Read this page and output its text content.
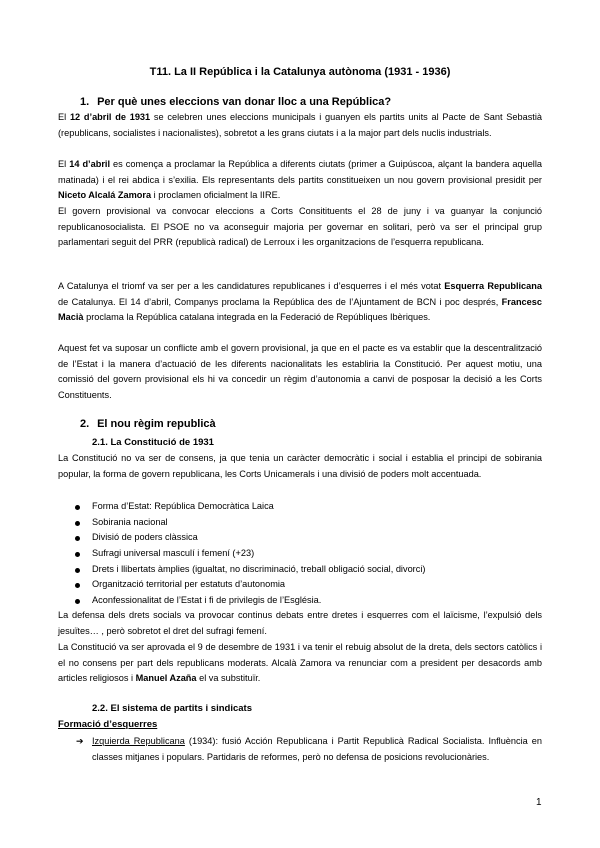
T11. La II República i la Catalunya autònoma (1931 - 1936)
1. Per què unes eleccions van donar lloc a una República?
El 12 d’abril de 1931 se celebren unes eleccions municipals i guanyen els partits units al Pacte de Sant Sebastià (republicans, socialistes i nacionalistes), sobretot a les grans ciutats i a la major part dels nuclis industrials.
El 14 d’abril es comença a proclamar la República a diferents ciutats (primer a Guipúscoa, alçant la bandera aquella matinada) i el rei abdica i s’exilia. Els representants dels partits constitueixen un nou govern provisional presidit per Niceto Alcalá Zamora i proclamen oficialment la IIRE.
El govern provisional va convocar eleccions a Corts Consitituents el 28 de juny i va guanyar la conjunció republicanosocialista. El PSOE no va aconseguir majoria per governar en solitari, però va ser el principal grup parlamentari seguit del PRR (republicà radical) de Lerroux i les organitzacions de l’esquerra republicana.
A Catalunya el triomf va ser per a les candidatures republicanes i d’esquerres i el més votat Esquerra Republicana de Catalunya. El 14 d’abril, Companys proclama la República des de l’Ajuntament de BCN i poc després, Francesc Macià proclama la República catalana integrada en la Federació de Repúbliques Ibèriques.
Aquest fet va suposar un conflicte amb el govern provisional, ja que en el pacte es va establir que la descentralització de l’Estat i la manera d’actuació de les diferents nacionalitats les establiria la Constitució. Per aquest motiu, una comissió del govern provisional els hi va concedir un règim d’autonomia a canvi de posposar la decisió a les Corts Constituents.
2. El nou règim republicà
2.1. La Constitució de 1931
La Constitució no va ser de consens, ja que tenia un caràcter democràtic i social i establia el principi de sobirania popular, la forma de govern republicana, les Corts Unicamerals i una divisió de poders molt accentuada.
Forma d’Estat: República Democràtica Laica
Sobirania nacional
Divisió de poders clàssica
Sufragi universal masculí i femení (+23)
Drets i llibertats àmplies (igualtat, no discriminació, treball obligació social, divorci)
Organització territorial per estatuts d’autonomia
Aconfessionalitat de l’Estat i fi de privilegis de l’Església.
La defensa dels drets socials va provocar continus debats entre dretes i esquerres com el laïcisme, l’expulsió dels jesuïtes… , però sobretot el dret del sufragi femení.
La Constitució va ser aprovada el 9 de desembre de 1931 i va tenir el rebuig absolut de la dreta, dels sectors catòlics i el no consens per part dels republicans moderats. Alcalà Zamora va renunciar com a president per desacords amb articles religiosos i Manuel Azaña el va substituïr.
2.2. El sistema de partits i sindicats
Formació d’esquerres
➔ Izquierda Republicana (1934): fusió Acción Republicana i Partit Republicà Radical Socialista. Influència en classes mitjanes i populars. Partidaris de reformes, però no defensa de posicions revolucionàries.
1
